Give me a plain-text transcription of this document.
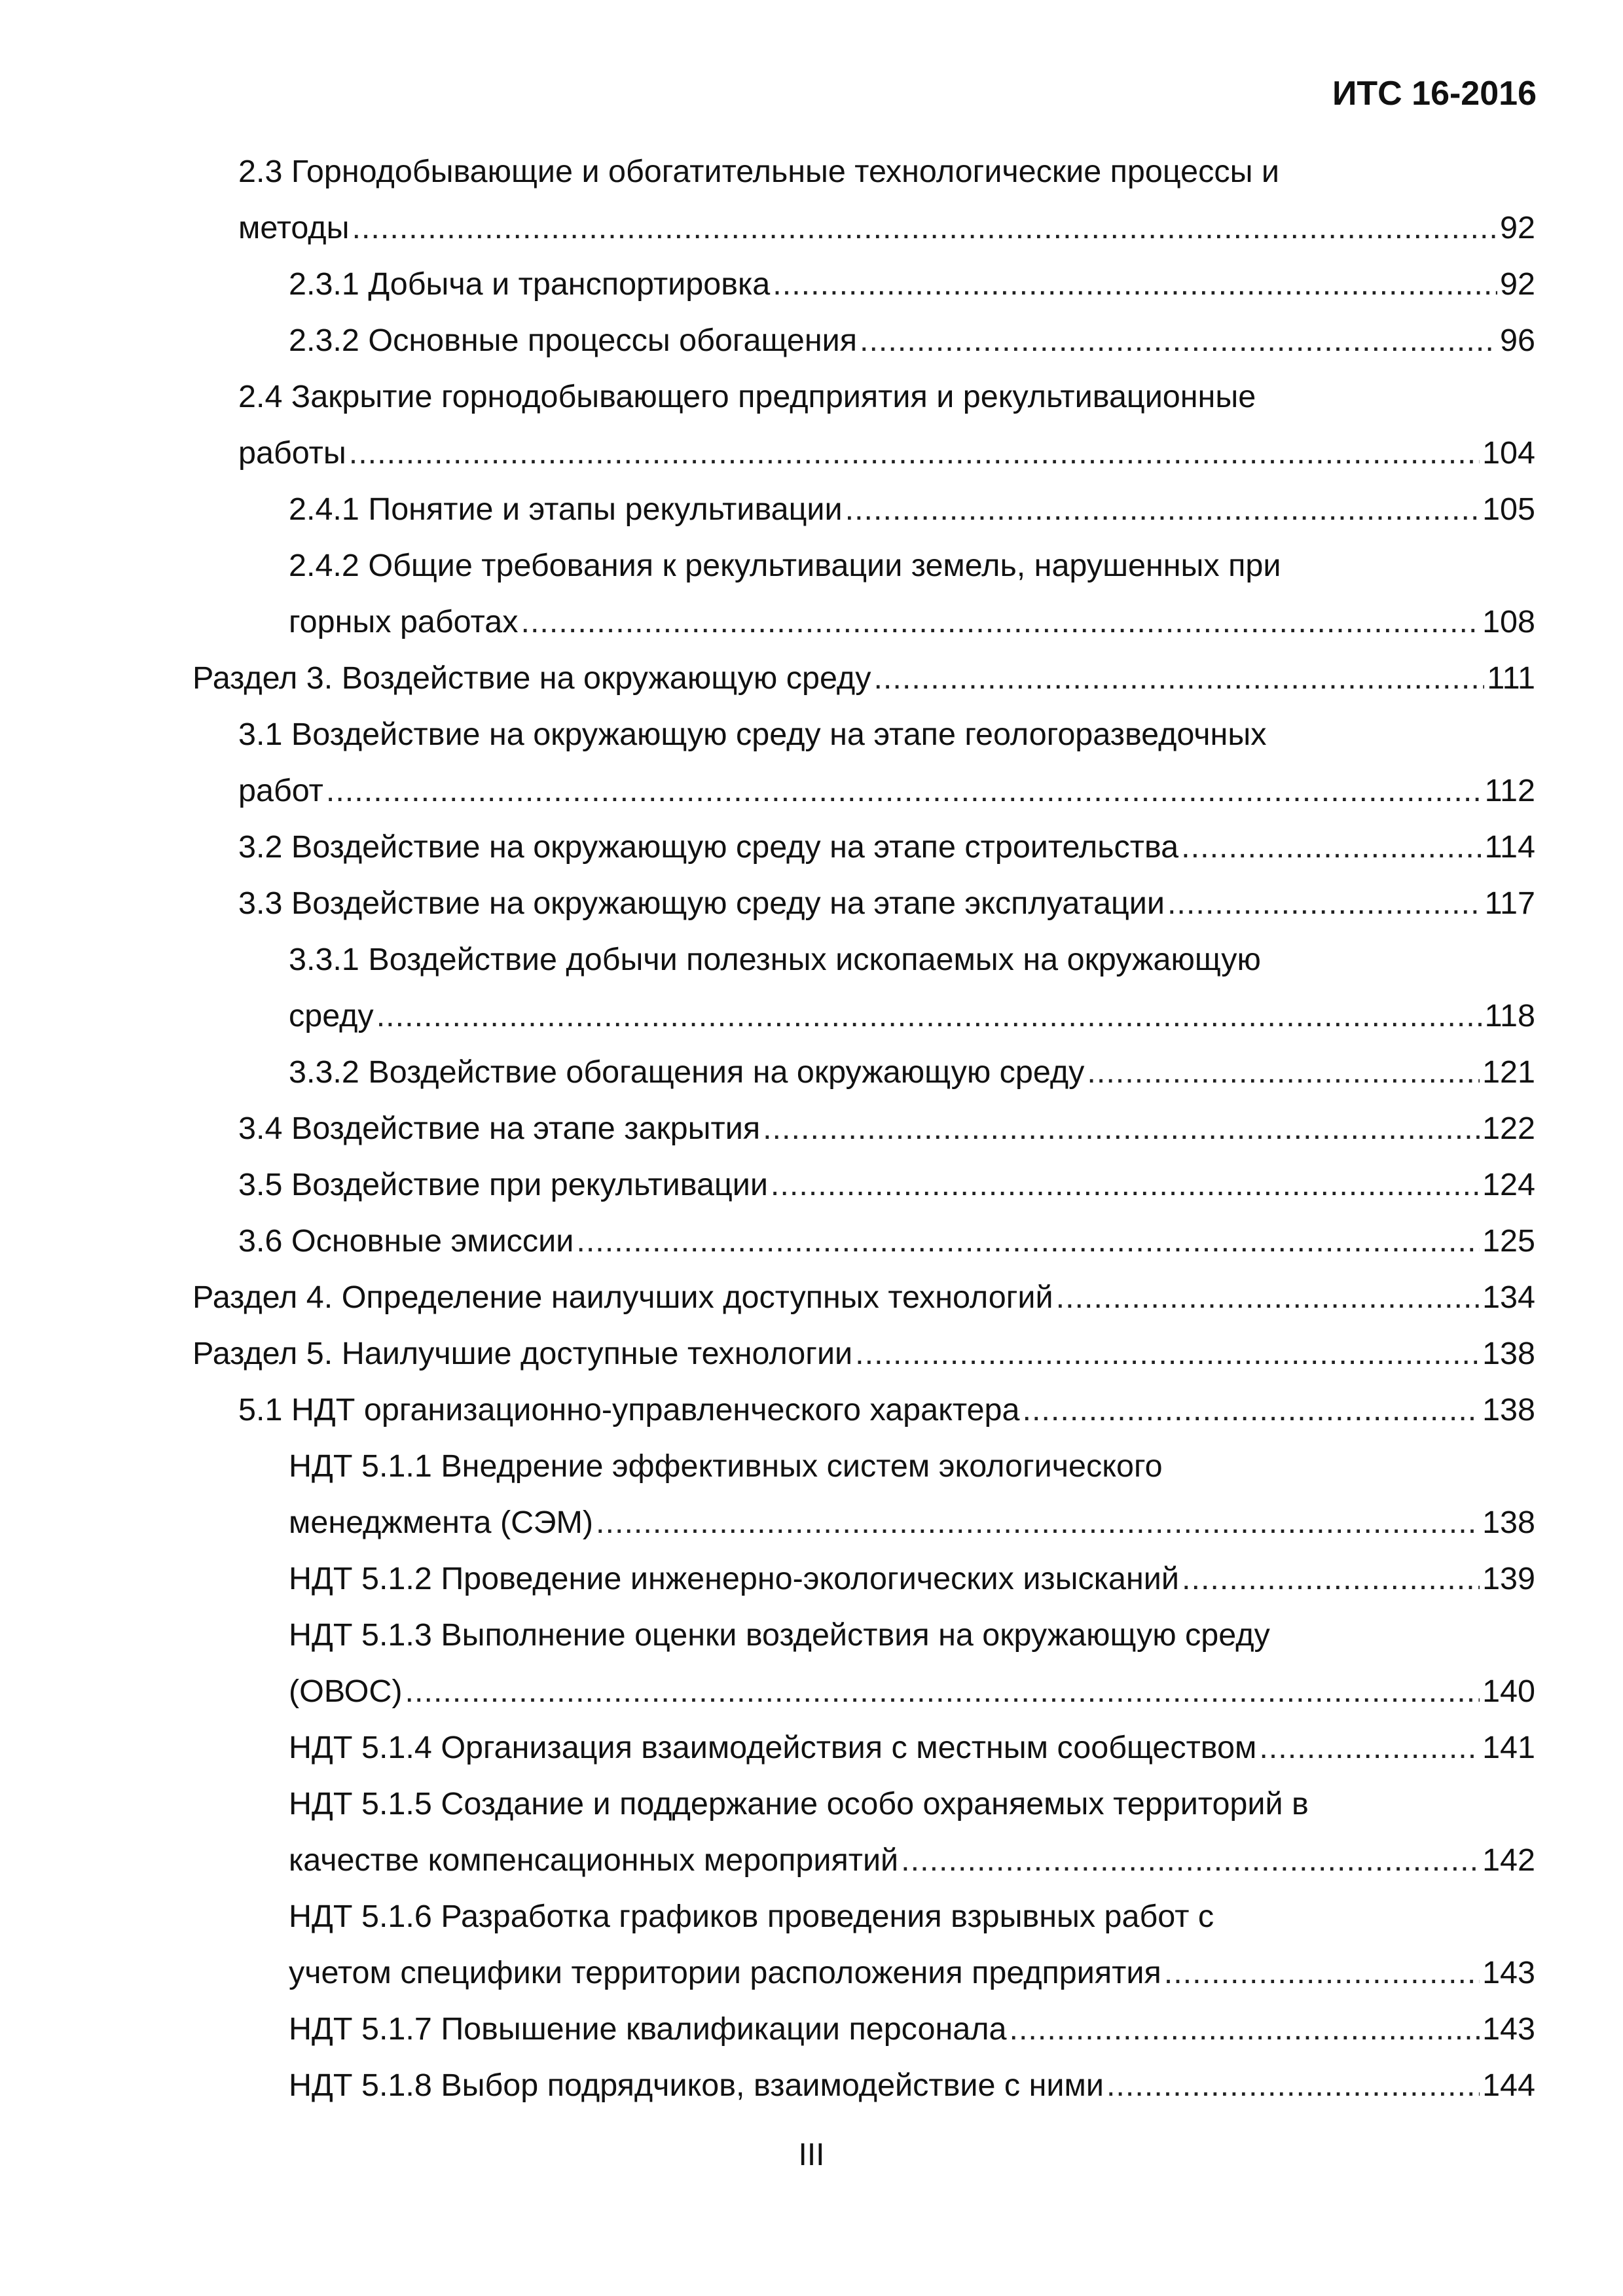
ИТС 16-2016
2.3 Горнодобывающие и обогатительные технологические процессы и
методы .....	92
2.3.1 Добыча и транспортировка .....	92
2.3.2 Основные процессы обогащения .....	96
2.4 Закрытие горнодобывающего предприятия и рекультивационные
работы .....	104
2.4.1 Понятие и этапы рекультивации .....	105
2.4.2 Общие требования к рекультивации земель, нарушенных при
горных работах .....	108
Раздел 3. Воздействие на окружающую среду .....	111
3.1 Воздействие на окружающую среду на этапе геологоразведочных
работ .....	112
3.2 Воздействие на окружающую среду на этапе строительства .....	114
3.3 Воздействие на окружающую среду на этапе эксплуатации .....	117
3.3.1 Воздействие добычи полезных ископаемых на окружающую
среду .....	118
3.3.2 Воздействие обогащения на окружающую среду .....	121
3.4 Воздействие на этапе закрытия .....	122
3.5 Воздействие при рекультивации .....	124
3.6 Основные эмиссии .....	125
Раздел 4. Определение наилучших доступных технологий .....	134
Раздел 5. Наилучшие доступные технологии .....	138
5.1 НДТ организационно-управленческого характера .....	138
НДТ 5.1.1 Внедрение эффективных систем экологического
менеджмента (СЭМ) .....	138
НДТ 5.1.2 Проведение инженерно-экологических изысканий .....	139
НДТ 5.1.3 Выполнение оценки воздействия на окружающую среду
(ОВОС) .....	140
НДТ 5.1.4 Организация взаимодействия с местным сообществом .....	141
НДТ 5.1.5 Создание и поддержание особо охраняемых территорий в
качестве компенсационных мероприятий .....	142
НДТ 5.1.6 Разработка графиков проведения взрывных работ с
учетом специфики территории расположения предприятия .....	143
НДТ 5.1.7 Повышение квалификации персонала .....	143
НДТ 5.1.8 Выбор подрядчиков, взаимодействие с ними .....	144
III
